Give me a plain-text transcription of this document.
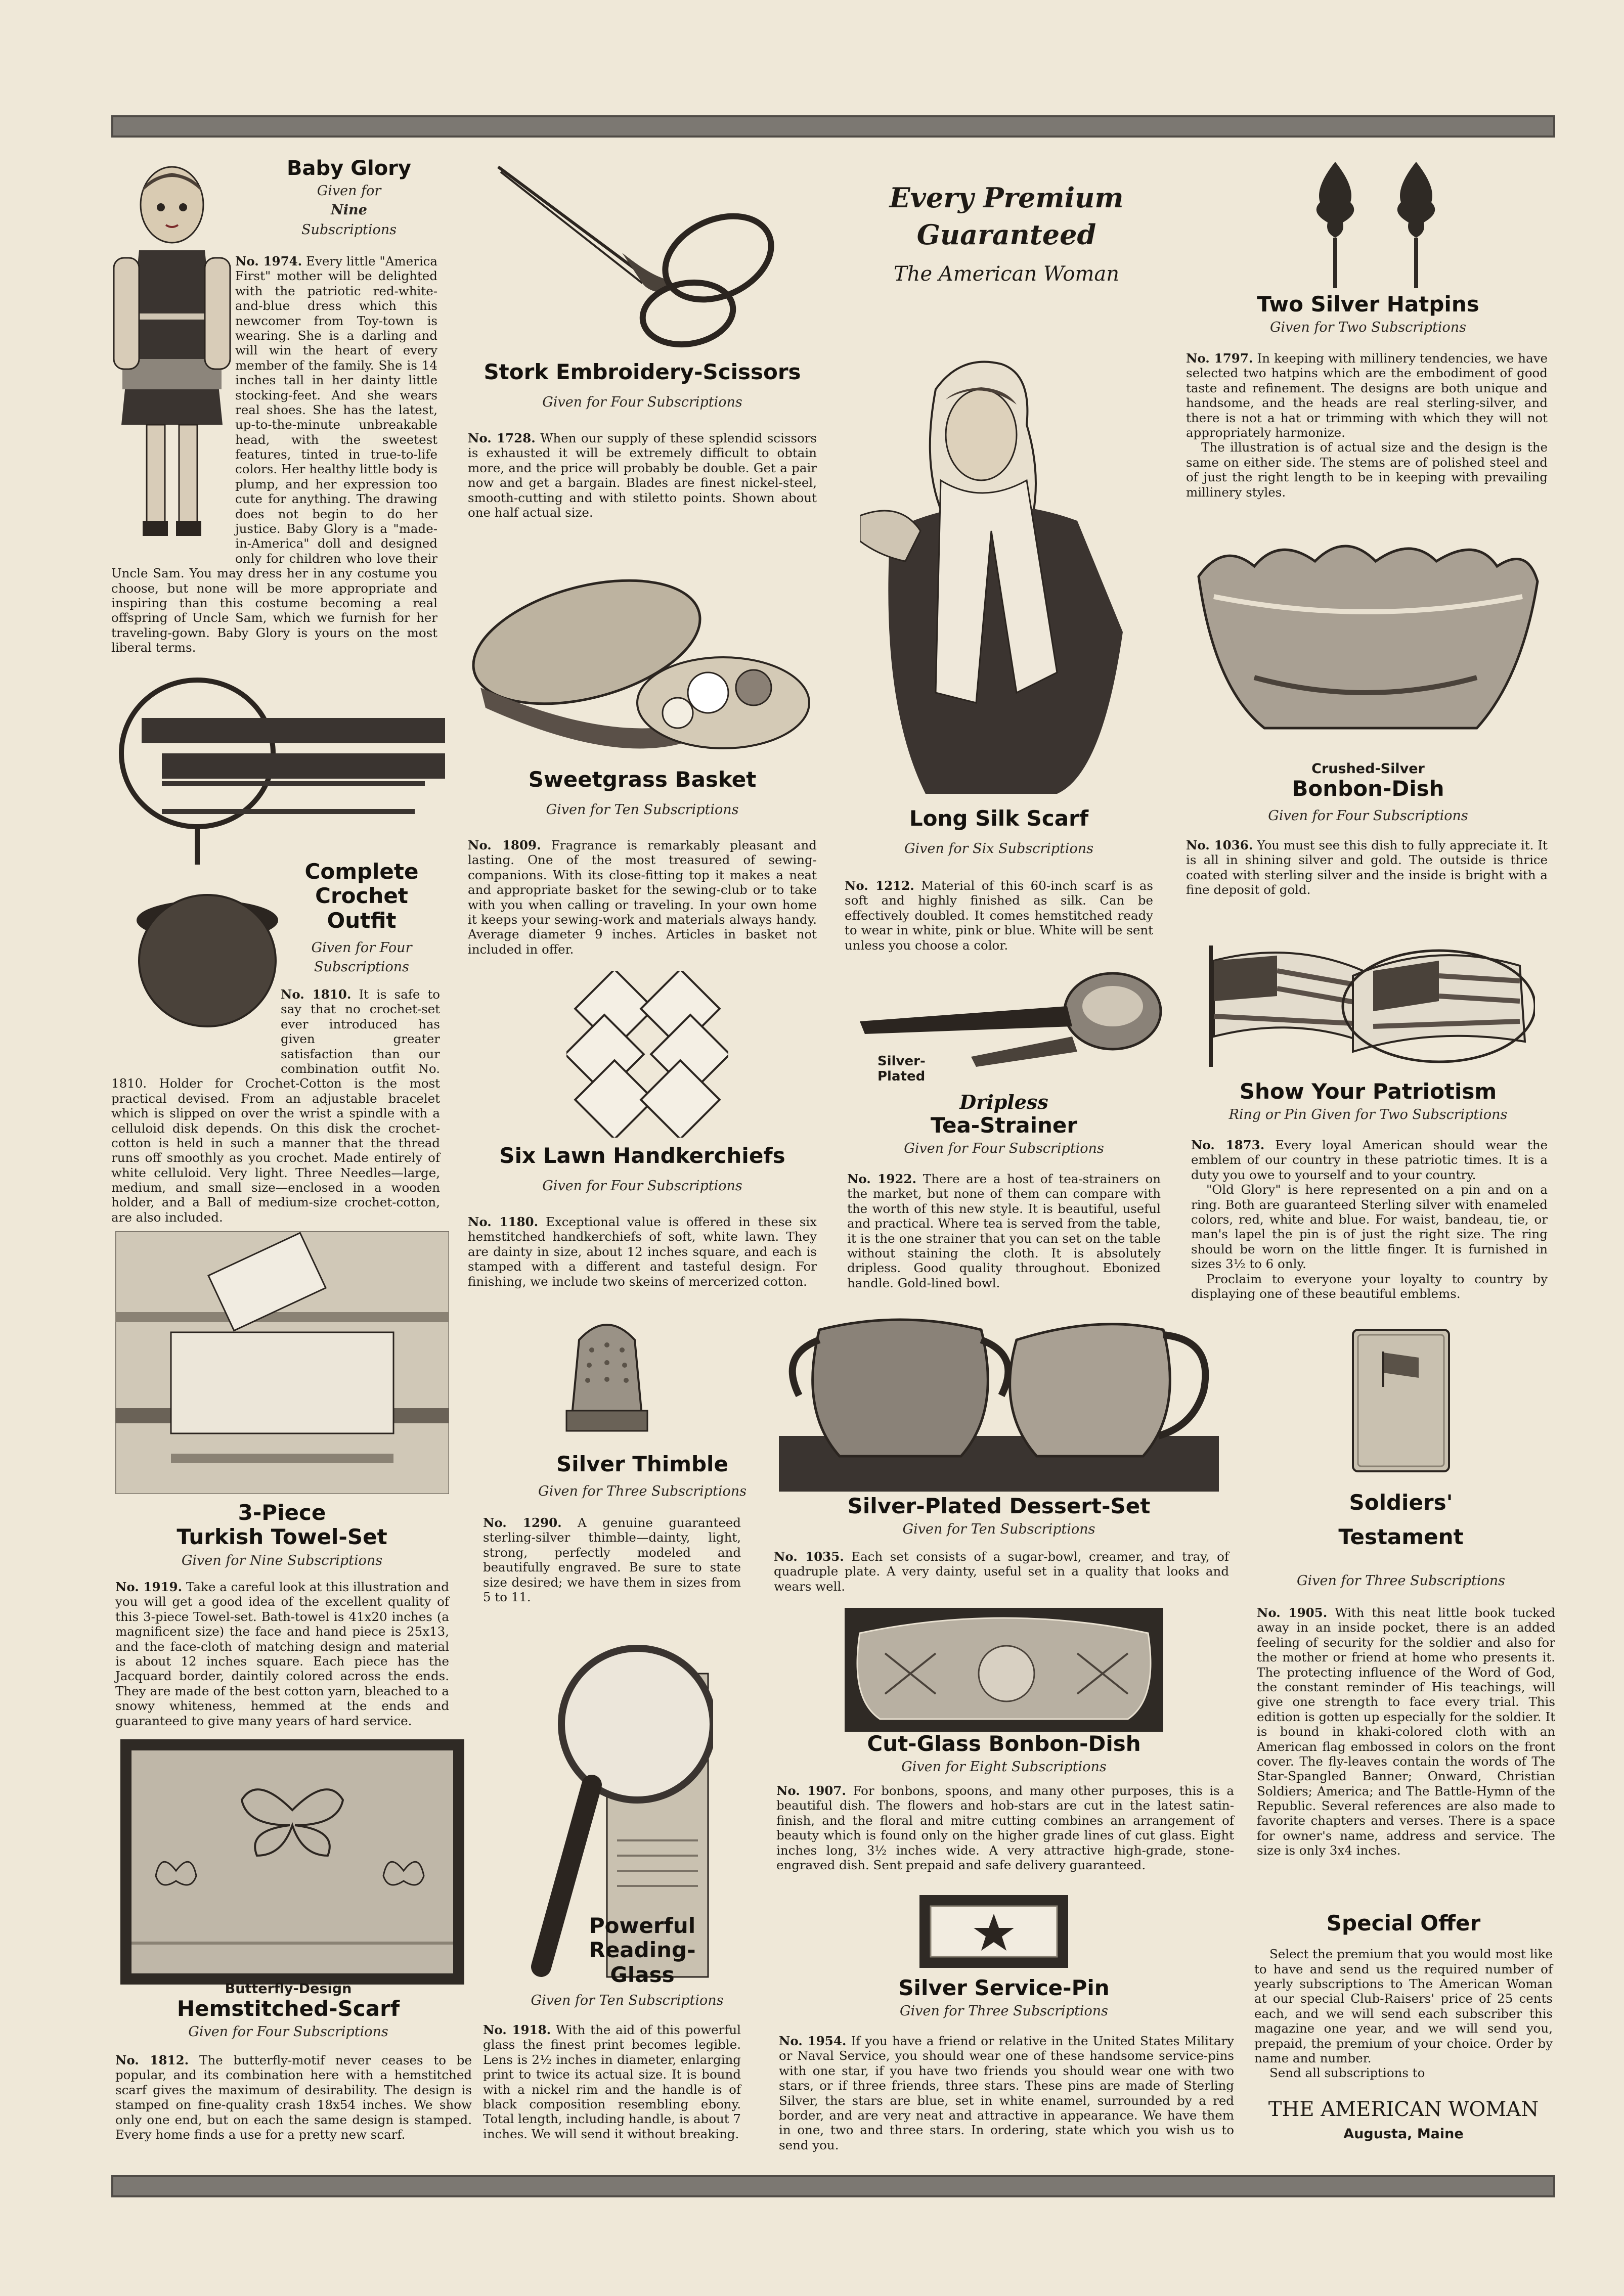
Baby Glory
Given for
Nine
Subscriptions
No. 1974. Every little "America First" mother will be delighted with the patriotic red-white-and-blue dress which this newcomer from Toy-town is wearing. She is a darling and will win the heart of every member of the family. She is 14 inches tall in her dainty little stocking-feet. And she wears real shoes. She has the latest, up-to-the-minute unbreakable head, with the sweetest features, tinted in true-to-life colors. Her healthy little body is plump, and her expression too cute for anything. The drawing does not begin to do her justice. Baby Glory is a "made-in-America" doll and designed only for children who love their Uncle Sam. You may dress her in any costume you choose, but none will be more appropriate and inspiring than this costume becoming a real offspring of Uncle Sam, which we furnish for her traveling-gown. Baby Glory is yours on the most liberal terms.
Stork Embroidery-Scissors
Given for Four Subscriptions
No. 1728. When our supply of these splendid scissors is exhausted it will be extremely difficult to obtain more, and the price will probably be double. Get a pair now and get a bargain. Blades are finest nickel-steel, smooth-cutting and with stiletto points. Shown about one half actual size.
Every Premium
Guaranteed
The American Woman
Two Silver Hatpins
Given for Two Subscriptions

No. 1797. In keeping with millinery tendencies, we have selected two hatpins which are the embodiment of good taste and refinement. The designs are both unique and handsome, and the heads are real sterling-silver, and there is not a hat or trimming with which they will not appropriately harmonize.

The illustration is of actual size and the design is the same on either side. The stems are of polished steel and of just the right length to be in keeping with prevailing millinery styles.

Sweetgrass Basket
Given for Ten Subscriptions
No. 1809. Fragrance is remarkably pleasant and lasting. One of the most treasured of sewing-companions. With its close-fitting top it makes a neat and appropriate basket for the sewing-club or to take with you when calling or traveling. In your own home it keeps your sewing-work and materials always handy. Average diameter 9 inches. Articles in basket not included in offer.
Long Silk Scarf
Given for Six Subscriptions
No. 1212. Material of this 60-inch scarf is as soft and highly finished as silk. Can be effectively doubled. It comes hemstitched ready to wear in white, pink or blue. White will be sent unless you choose a color.
Crushed-Silver
Bonbon-Dish
Given for Four Subscriptions
No. 1036. You must see this dish to fully appreciate it. It is all in shining silver and gold. The outside is thrice coated with sterling silver and the inside is bright with a fine deposit of gold.
Complete
Crochet
Outfit
Given for Four
Subscriptions
No. 1810. It is safe to say that no crochet-set ever introduced has given greater satisfaction than our combination outfit No. 1810. Holder for Crochet-Cotton is the most practical devised. From an adjustable bracelet which is slipped on over the wrist a spindle with a celluloid disk depends. On this disk the crochet-cotton is held in such a manner that the thread runs off smoothly as you crochet. Made entirely of white celluloid. Very light. Three Needles—large, medium, and small size—enclosed in a wooden holder, and a Ball of medium-size crochet-cotton, are also included.
Silver-
Plated
Dripless
Tea-Strainer
Given for Four Subscriptions
No. 1922. There are a host of tea-strainers on the market, but none of them can compare with the worth of this new style. It is beautiful, useful and practical. Where tea is served from the table, it is the one strainer that you can set on the table without staining the cloth. It is absolutely dripless. Good quality throughout. Ebonized handle. Gold-lined bowl.
Show Your Patriotism
Ring or Pin Given for Two Subscriptions

No. 1873. Every loyal American should wear the emblem of our country in these patriotic times. It is a duty you owe to yourself and to your country.

"Old Glory" is here represented on a pin and on a ring. Both are guaranteed Sterling silver with enameled colors, red, white and blue. For waist, bandeau, tie, or man's lapel the pin is of just the right size. The ring should be worn on the little finger. It is furnished in sizes 3½ to 6 only.

Proclaim to everyone your loyalty to country by displaying one of these beautiful emblems.

Six Lawn Handkerchiefs
Given for Four Subscriptions
No. 1180. Exceptional value is offered in these six hemstitched handkerchiefs of soft, white lawn. They are dainty in size, about 12 inches square, and each is stamped with a different and tasteful design. For finishing, we include two skeins of mercerized cotton.
3-Piece
Turkish Towel-Set
Given for Nine Subscriptions
No. 1919. Take a careful look at this illustration and you will get a good idea of the excellent quality of this 3-piece Towel-set. Bath-towel is 41x20 inches (a magnificent size) the face and hand piece is 25x13, and the face-cloth of matching design and material is about 12 inches square. Each piece has the Jacquard border, daintily colored across the ends. They are made of the best cotton yarn, bleached to a snowy whiteness, hemmed at the ends and guaranteed to give many years of hard service.
Silver Thimble
Given for Three Subscriptions
No. 1290. A genuine guaranteed sterling-silver thimble—dainty, light, strong, perfectly modeled and beautifully engraved. Be sure to state size desired; we have them in sizes from 5 to 11.
Silver-Plated Dessert-Set
Given for Ten Subscriptions
No. 1035. Each set consists of a sugar-bowl, creamer, and tray, of quadruple plate. A very dainty, useful set in a quality that looks and wears well.
Soldiers'
Testament
Given for Three Subscriptions
No. 1905. With this neat little book tucked away in an inside pocket, there is an added feeling of security for the soldier and also for the mother or friend at home who presents it. The protecting influence of the Word of God, the constant reminder of His teachings, will give one strength to face every trial. This edition is gotten up especially for the soldier. It is bound in khaki-colored cloth with an American flag embossed in colors on the front cover. The fly-leaves contain the words of The Star-Spangled Banner; Onward, Christian Soldiers; America; and The Battle-Hymn of the Republic. Several references are also made to favorite chapters and verses. There is a space for owner's name, address and service. The size is only 3x4 inches.
Cut-Glass Bonbon-Dish
Given for Eight Subscriptions
No. 1907. For bonbons, spoons, and many other purposes, this is a beautiful dish. The flowers and hob-stars are cut in the latest satin-finish, and the floral and mitre cutting combines an arrangement of beauty which is found only on the higher grade lines of cut glass. Eight inches long, 3½ inches wide. A very attractive high-grade, stone-engraved dish. Sent prepaid and safe delivery guaranteed.
Butterfly-Design
Hemstitched-Scarf
Given for Four Subscriptions
No. 1812. The butterfly-motif never ceases to be popular, and its combination here with a hemstitched scarf gives the maximum of desirability. The design is stamped on fine-quality crash 18x54 inches. We show only one end, but on each the same design is stamped. Every home finds a use for a pretty new scarf.
Powerful
Reading-
Glass
Given for Ten Subscriptions
No. 1918. With the aid of this powerful glass the finest print becomes legible. Lens is 2½ inches in diameter, enlarging print to twice its actual size. It is bound with a nickel rim and the handle is of black composition resembling ebony. Total length, including handle, is about 7 inches. We will send it without breaking.
Silver Service-Pin
Given for Three Subscriptions
No. 1954. If you have a friend or relative in the United States Military or Naval Service, you should wear one of these handsome service-pins with one star, if you have two friends you should wear one with two stars, or if three friends, three stars. These pins are made of Sterling Silver, the stars are blue, set in white enamel, surrounded by a red border, and are very neat and attractive in appearance. We have them in one, two and three stars. In ordering, state which you wish us to send you.
Special Offer

Select the premium that you would most like to have and send us the required number of yearly subscriptions to The American Woman at our special Club-Raisers' price of 25 cents each, and we will send each subscriber this magazine one year, and we will send you, prepaid, the premium of your choice. Order by name and number.

Send all subscriptions to

THE AMERICAN WOMAN
Augusta, Maine
